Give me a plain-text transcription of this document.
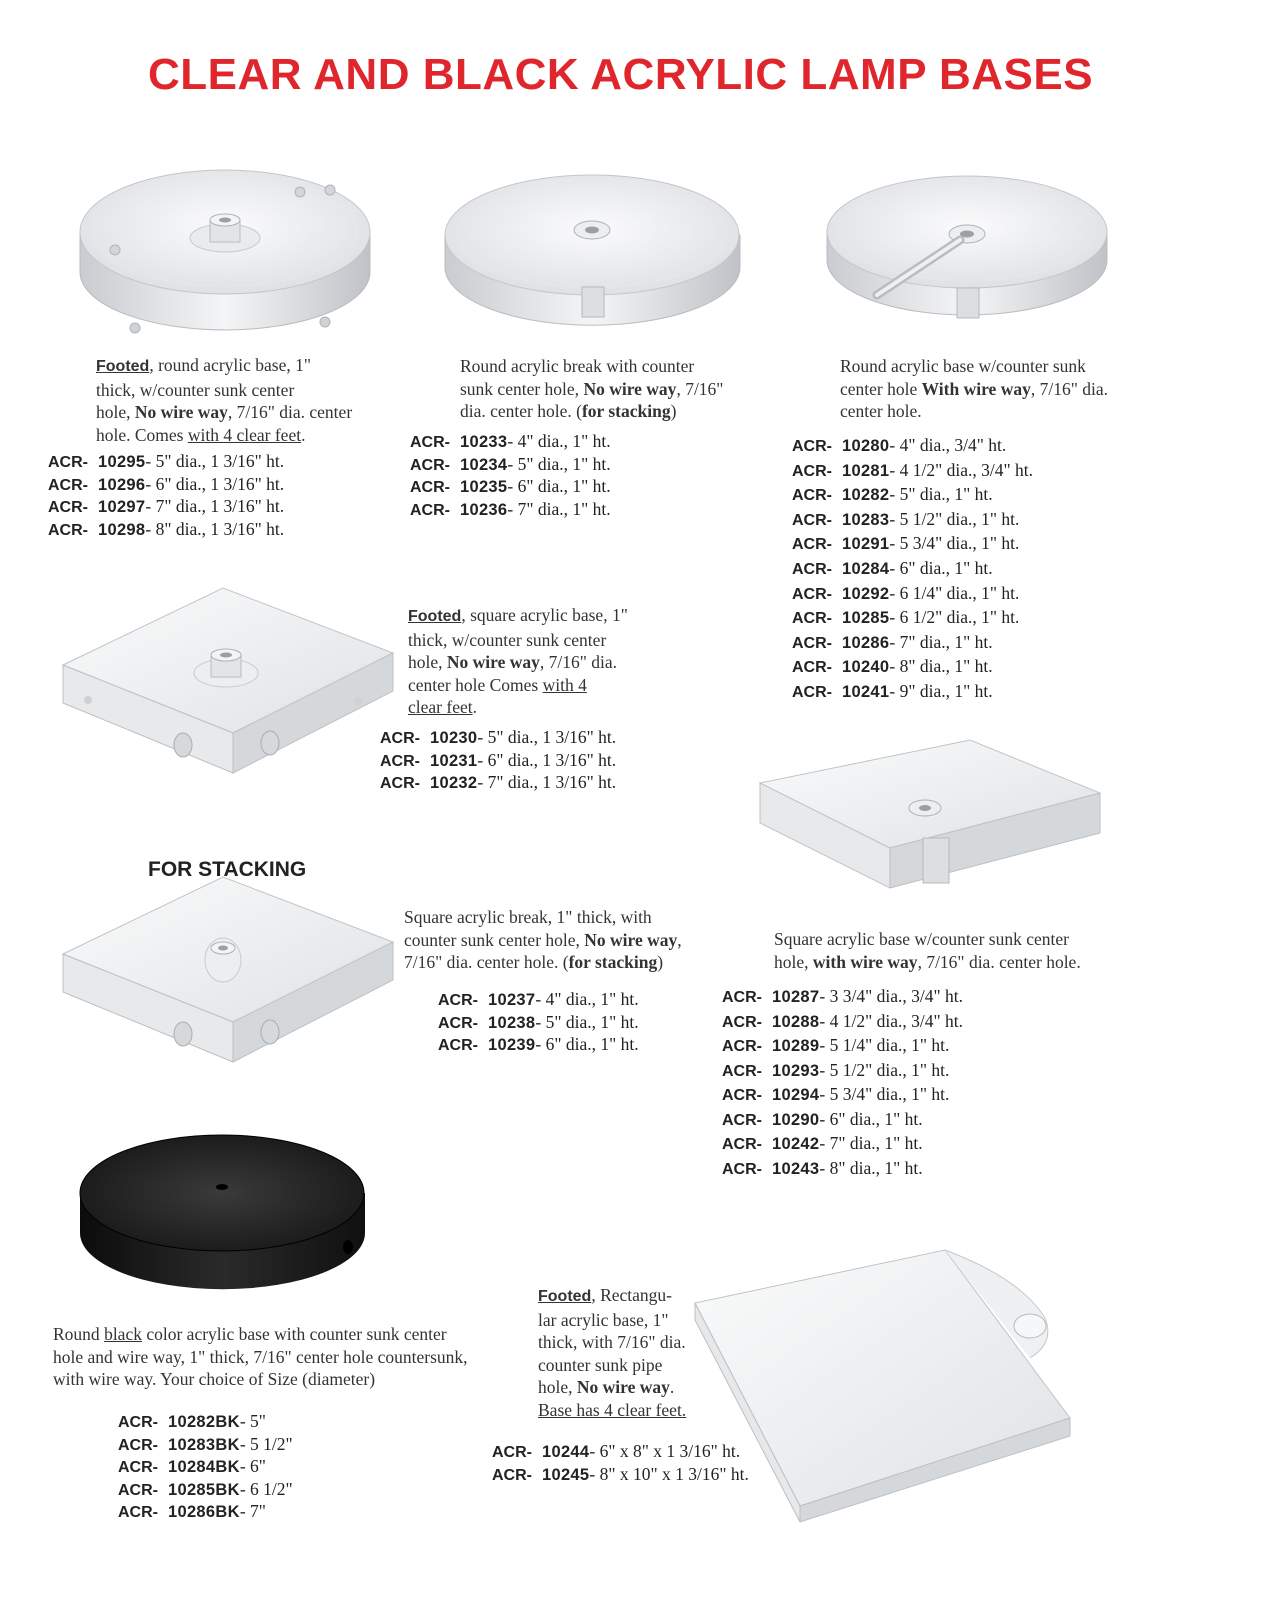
CLEAR AND BLACK ACRYLIC LAMP BASES
Footed, round acrylic base, 1"
thick, w/counter sunk center
hole, No wire way, 7/16" dia. center
hole. Comes with 4 clear feet.
ACR- 10295- 5" dia., 1 3/16" ht.
ACR- 10296- 6" dia., 1 3/16" ht.
ACR- 10297- 7" dia., 1 3/16" ht.
ACR- 10298- 8" dia., 1 3/16" ht.
Round acrylic break with counter
sunk center hole, No wire way, 7/16"
dia. center hole. (for stacking)
ACR- 10233- 4" dia., 1" ht.
ACR- 10234- 5" dia., 1" ht.
ACR- 10235- 6" dia., 1" ht.
ACR- 10236- 7" dia., 1" ht.
Round acrylic base w/counter sunk
center hole With wire way, 7/16" dia.
center hole.
ACR- 10280- 4" dia., 3/4" ht.
ACR- 10281- 4 1/2" dia., 3/4" ht.
ACR- 10282- 5" dia., 1" ht.
ACR- 10283- 5 1/2" dia., 1" ht.
ACR- 10291- 5 3/4" dia., 1" ht.
ACR- 10284- 6" dia., 1" ht.
ACR- 10292- 6 1/4" dia., 1" ht.
ACR- 10285- 6 1/2" dia., 1" ht.
ACR- 10286- 7" dia., 1" ht.
ACR- 10240- 8" dia., 1" ht.
ACR- 10241- 9" dia., 1" ht.
Footed, square acrylic base, 1"
thick, w/counter sunk center
hole, No wire way, 7/16" dia.
center hole Comes with 4
clear feet.
ACR- 10230- 5" dia., 1 3/16" ht.
ACR- 10231- 6" dia., 1 3/16" ht.
ACR- 10232- 7" dia., 1 3/16" ht.
FOR STACKING
Square acrylic break, 1" thick, with
counter sunk center hole, No wire way,
7/16" dia. center hole. (for stacking)
ACR- 10237- 4" dia., 1" ht.
ACR- 10238- 5" dia., 1" ht.
ACR- 10239- 6" dia., 1" ht.
Square acrylic base w/counter sunk center
hole, with wire way, 7/16" dia. center hole.
ACR- 10287- 3 3/4" dia., 3/4" ht.
ACR- 10288- 4 1/2" dia., 3/4" ht.
ACR- 10289- 5 1/4" dia., 1" ht.
ACR- 10293- 5 1/2" dia., 1" ht.
ACR- 10294- 5 3/4" dia., 1" ht.
ACR- 10290- 6" dia., 1" ht.
ACR- 10242- 7" dia., 1" ht.
ACR- 10243- 8" dia., 1" ht.
Round black color acrylic base with counter sunk center
hole and wire way, 1" thick, 7/16" center hole countersunk,
with wire way. Your choice of Size (diameter)
ACR- 10282BK- 5"
ACR- 10283BK- 5 1/2"
ACR- 10284BK- 6"
ACR- 10285BK- 6 1/2"
ACR- 10286BK- 7"
Footed, Rectangu-
lar acrylic base, 1"
thick, with 7/16" dia.
counter sunk pipe
hole, No wire way.
Base has 4 clear feet.
ACR- 10244- 6" x 8" x 1 3/16" ht.
ACR- 10245- 8" x 10" x 1 3/16" ht.
